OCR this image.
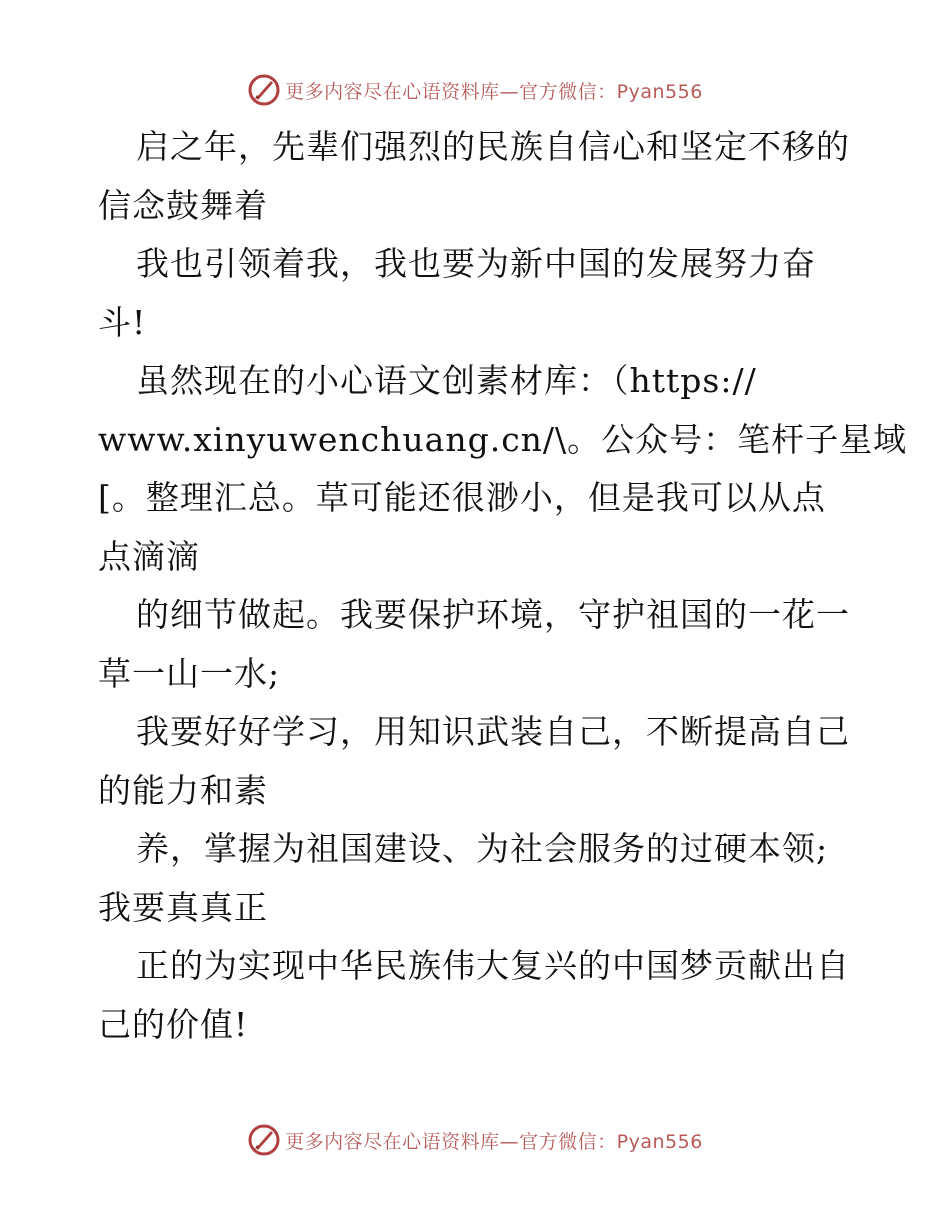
更多内容尽在心语资料库—官方微信：Pyan556
启之年，先辈们强烈的民族自信心和坚定不移的
信念鼓舞着
我也引领着我，我也要为新中国的发展努力奋
斗!
虽然现在的小心语文创素材库：（https://
www.xinyuwenchuang.cn/\。公众号：笔杆子星域
[。整理汇总。草可能还很渺小，但是我可以从点
点滴滴
的细节做起。我要保护环境，守护祖国的一花一
草一山一水;
我要好好学习，用知识武装自己，不断提高自己
的能力和素
养，掌握为祖国建设、为社会服务的过硬本领;
我要真真正
正的为实现中华民族伟大复兴的中国梦贡献出自
己的价值!
更多内容尽在心语资料库—官方微信：Pyan556
